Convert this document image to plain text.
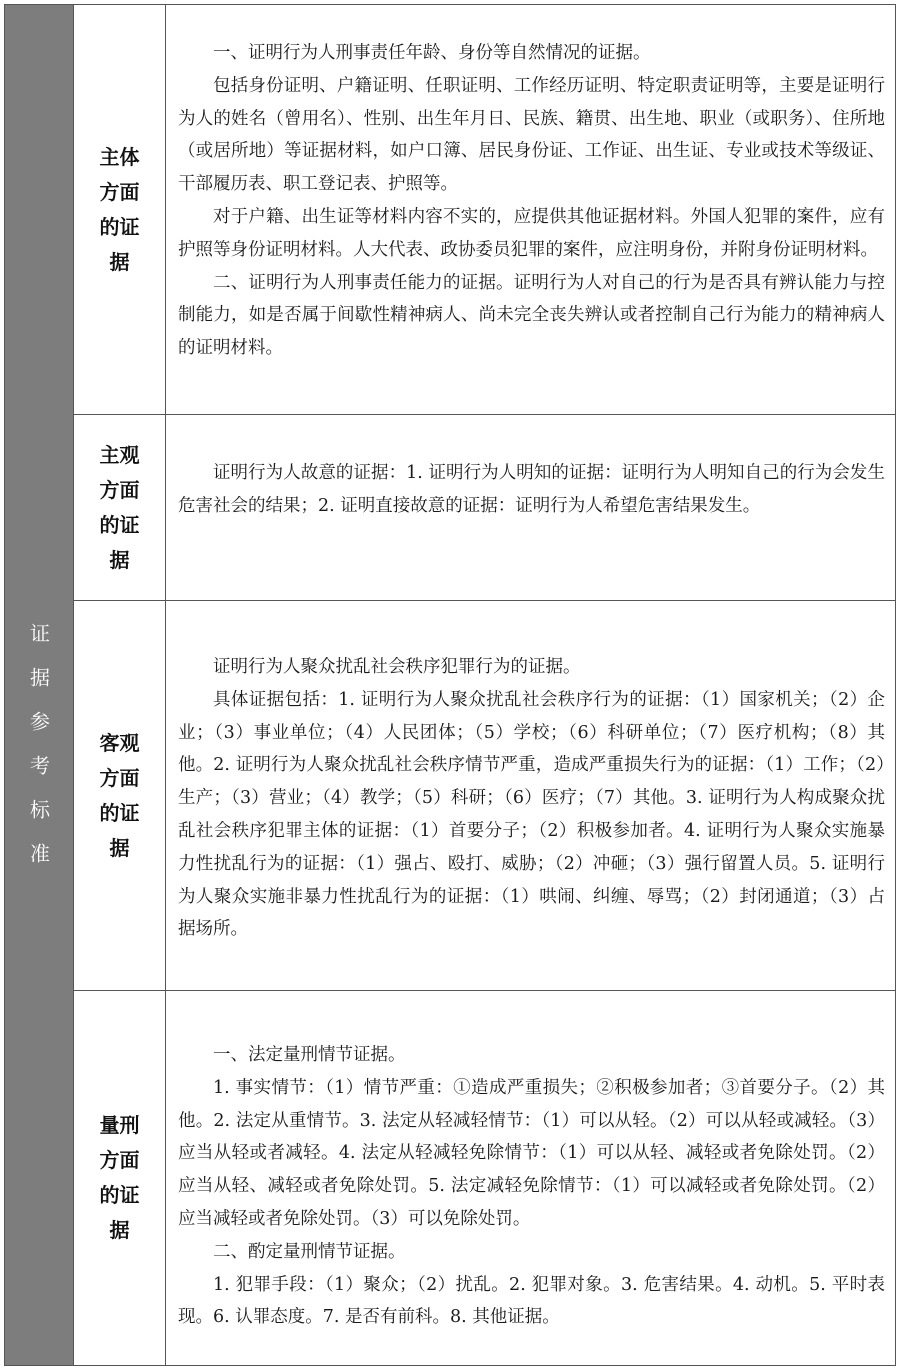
证据参考标准
主体方面的证据

一、证明行为人刑事责任年龄、身份等自然情况的证据。

包括身份证明、户籍证明、任职证明、工作经历证明、特定职责证明等，主要是证明行为人的姓名（曾用名）、性别、出生年月日、民族、籍贯、出生地、职业（或职务）、住所地（或居所地）等证据材料，如户口簿、居民身份证、工作证、出生证、专业或技术等级证、干部履历表、职工登记表、护照等。

对于户籍、出生证等材料内容不实的，应提供其他证据材料。外国人犯罪的案件，应有护照等身份证明材料。人大代表、政协委员犯罪的案件，应注明身份，并附身份证明材料。

二、证明行为人刑事责任能力的证据。证明行为人对自己的行为是否具有辨认能力与控制能力，如是否属于间歇性精神病人、尚未完全丧失辨认或者控制自己行为能力的精神病人的证明材料。

主观方面的证据

证明行为人故意的证据：1. 证明行为人明知的证据：证明行为人明知自己的行为会发生危害社会的结果；2. 证明直接故意的证据：证明行为人希望危害结果发生。

客观方面的证据

证明行为人聚众扰乱社会秩序犯罪行为的证据。

具体证据包括：1. 证明行为人聚众扰乱社会秩序行为的证据：（1）国家机关；（2）企业；（3）事业单位；（4）人民团体；（5）学校；（6）科研单位；（7）医疗机构；（8）其他。2. 证明行为人聚众扰乱社会秩序情节严重，造成严重损失行为的证据：（1）工作；（2）生产；（3）营业；（4）教学；（5）科研；（6）医疗；（7）其他。3. 证明行为人构成聚众扰乱社会秩序犯罪主体的证据：（1）首要分子；（2）积极参加者。4. 证明行为人聚众实施暴力性扰乱行为的证据：（1）强占、殴打、威胁；（2）冲砸；（3）强行留置人员。5. 证明行为人聚众实施非暴力性扰乱行为的证据：（1）哄闹、纠缠、辱骂；（2）封闭通道；（3）占据场所。

量刑方面的证据

一、法定量刑情节证据。

1. 事实情节：（1）情节严重：①造成严重损失；②积极参加者；③首要分子。（2）其他。2. 法定从重情节。3. 法定从轻减轻情节：（1）可以从轻。（2）可以从轻或减轻。（3）应当从轻或者减轻。4. 法定从轻减轻免除情节：（1）可以从轻、减轻或者免除处罚。（2）应当从轻、减轻或者免除处罚。5. 法定减轻免除情节：（1）可以减轻或者免除处罚。（2）应当减轻或者免除处罚。（3）可以免除处罚。

二、酌定量刑情节证据。

1. 犯罪手段：（1）聚众；（2）扰乱。2. 犯罪对象。3. 危害结果。4. 动机。5. 平时表现。6. 认罪态度。7. 是否有前科。8. 其他证据。
